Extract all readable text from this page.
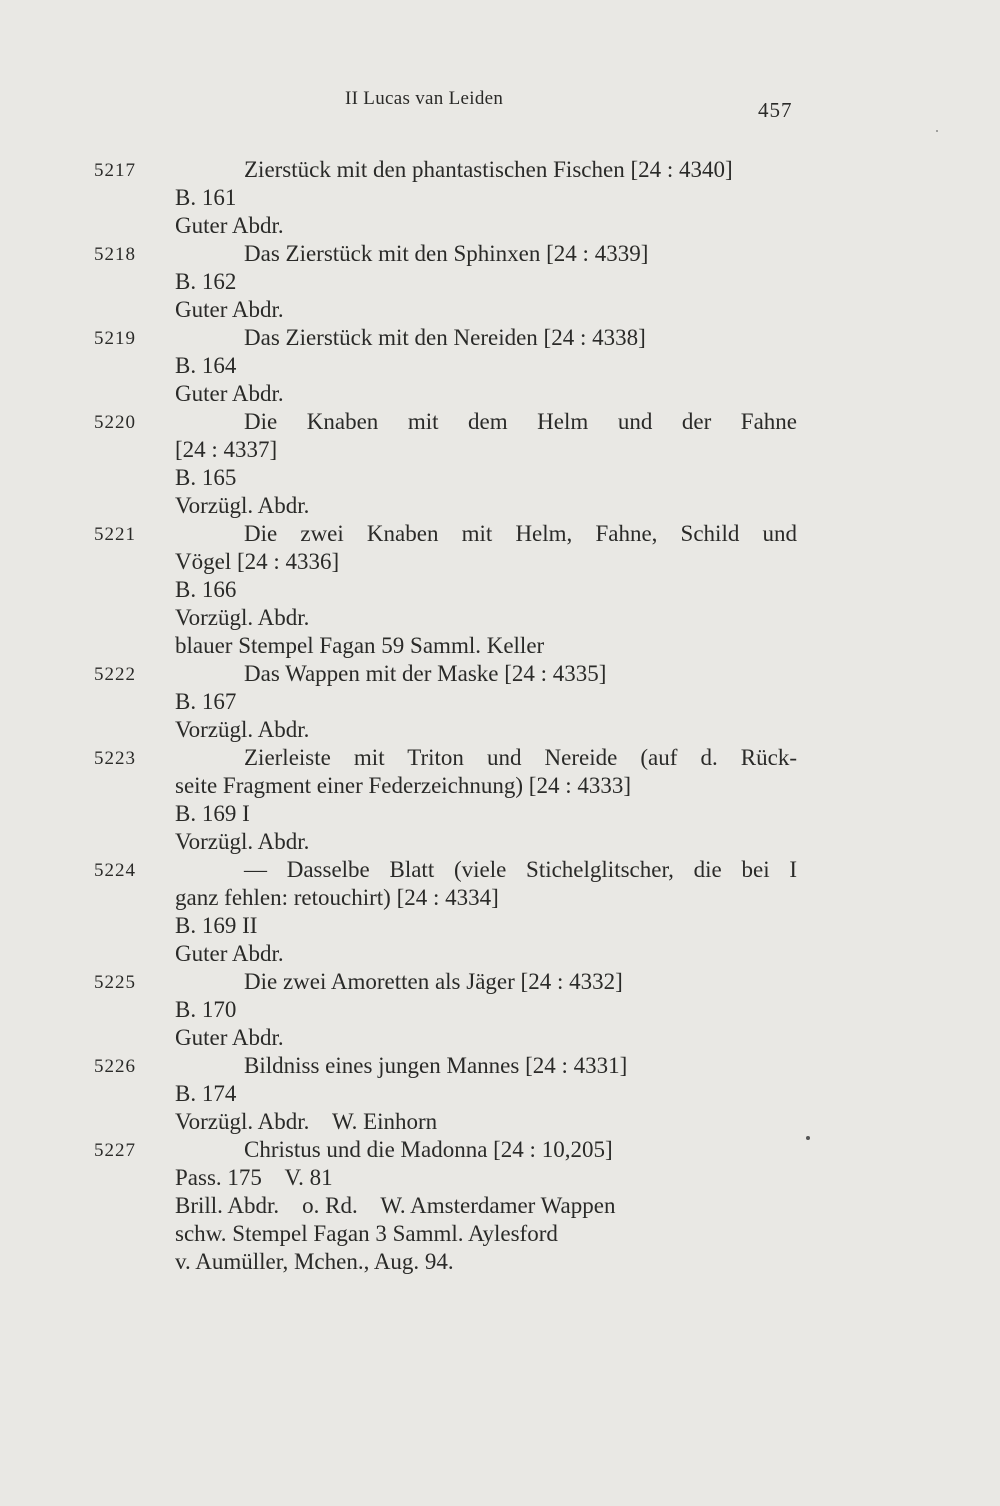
II Lucas van Leiden	457
5217	Zierstück mit den phantastischen Fischen [24 : 4340]
B. 161
Guter Abdr.
5218	Das Zierstück mit den Sphinxen [24 : 4339]
B. 162
Guter Abdr.
5219	Das Zierstück mit den Nereiden [24 : 4338]
B. 164
Guter Abdr.
5220	Die Knaben mit dem Helm und der Fahne
[24 : 4337]
B. 165
Vorzügl. Abdr.
5221	Die zwei Knaben mit Helm, Fahne, Schild und
Vögel [24 : 4336]
B. 166
Vorzügl. Abdr.
blauer Stempel Fagan 59 Samml. Keller
5222	Das Wappen mit der Maske [24 : 4335]
B. 167
Vorzügl. Abdr.
5223	Zierleiste mit Triton und Nereide (auf d. Rück-
seite Fragment einer Federzeichnung) [24 : 4333]
B. 169 I
Vorzügl. Abdr.
5224	— Dasselbe Blatt (viele Stichelglitscher, die bei I
ganz fehlen: retouchirt) [24 : 4334]
B. 169 II
Guter Abdr.
5225	Die zwei Amoretten als Jäger [24 : 4332]
B. 170
Guter Abdr.
5226	Bildniss eines jungen Mannes [24 : 4331]
B. 174
Vorzügl. Abdr.    W. Einhorn
5227	Christus und die Madonna [24 : 10,205]
Pass. 175    V. 81
Brill. Abdr.    o. Rd.    W. Amsterdamer Wappen
schw. Stempel Fagan 3 Samml. Aylesford
v. Aumüller, Mchen., Aug. 94.
